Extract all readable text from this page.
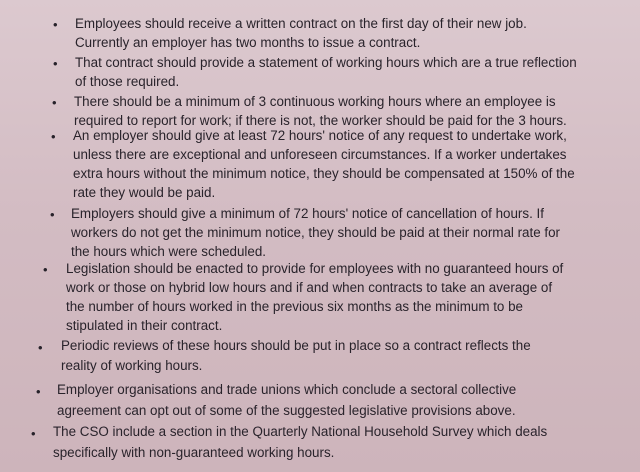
• Employees should receive a written contract on the first day of their new job.
Currently an employer has two months to issue a contract.
• That contract should provide a statement of working hours which are a true reflection
of those required.
• There should be a minimum of 3 continuous working hours where an employee is
required to report for work; if there is not, the worker should be paid for the 3 hours.
• An employer should give at least 72 hours' notice of any request to undertake work,
unless there are exceptional and unforeseen circumstances. If a worker undertakes
extra hours without the minimum notice, they should be compensated at 150% of the
rate they would be paid.
• Employers should give a minimum of 72 hours' notice of cancellation of hours. If
workers do not get the minimum notice, they should be paid at their normal rate for
the hours which were scheduled.
• Legislation should be enacted to provide for employees with no guaranteed hours of
work or those on hybrid low hours and if and when contracts to take an average of
the number of hours worked in the previous six months as the minimum to be
stipulated in their contract.
• Periodic reviews of these hours should be put in place so a contract reflects the
reality of working hours.
• Employer organisations and trade unions which conclude a sectoral collective
agreement can opt out of some of the suggested legislative provisions above.
• The CSO include a section in the Quarterly National Household Survey which deals
specifically with non-guaranteed working hours.
